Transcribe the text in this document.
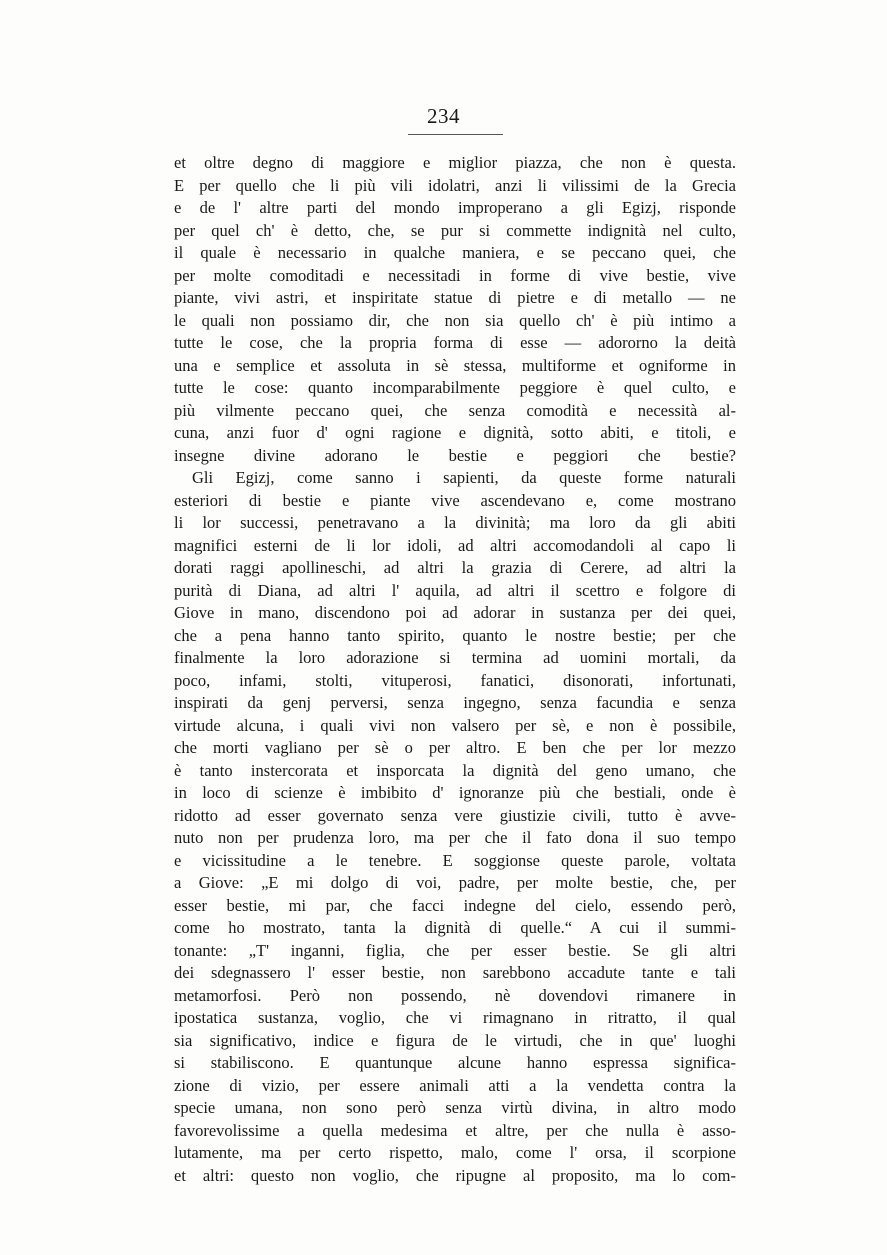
234
et oltre degno di maggiore e miglior piazza, che non è questa.
E per quello che li più vili idolatri, anzi li vilissimi de la Grecia
e de l' altre parti del mondo improperano a gli Egizj, risponde
per quel ch' è detto, che, se pur si commette indignità nel culto,
il quale è necessario in qualche maniera, e se peccano quei, che
per molte comoditadi e necessitadi in forme di vive bestie, vive
piante, vivi astri, et inspiritate statue di pietre e di metallo — ne
le quali non possiamo dir, che non sia quello ch' è più intimo a
tutte le cose, che la propria forma di esse — adororno la deità
una e semplice et assoluta in sè stessa, multiforme et ogniforme in
tutte le cose: quanto incomparabilmente peggiore è quel culto, e
più vilmente peccano quei, che senza comodità e necessità al-
cuna, anzi fuor d' ogni ragione e dignità, sotto abiti, e titoli, e
insegne divine adorano le bestie e peggiori che bestie?
Gli Egizj, come sanno i sapienti, da queste forme naturali
esteriori di bestie e piante vive ascendevano e, come mostrano
li lor successi, penetravano a la divinità; ma loro da gli abiti
magnifici esterni de li lor idoli, ad altri accomodandoli al capo li
dorati raggi apollineschi, ad altri la grazia di Cerere, ad altri la
purità di Diana, ad altri l' aquila, ad altri il scettro e folgore di
Giove in mano, discendono poi ad adorar in sustanza per dei quei,
che a pena hanno tanto spirito, quanto le nostre bestie; per che
finalmente la loro adorazione si termina ad uomini mortali, da
poco, infami, stolti, vituperosi, fanatici, disonorati, infortunati,
inspirati da genj perversi, senza ingegno, senza facundia e senza
virtude alcuna, i quali vivi non valsero per sè, e non è possibile,
che morti vagliano per sè o per altro. E ben che per lor mezzo
è tanto instercorata et insporcata la dignità del geno umano, che
in loco di scienze è imbibito d' ignoranze più che bestiali, onde è
ridotto ad esser governato senza vere giustizie civili, tutto è avve-
nuto non per prudenza loro, ma per che il fato dona il suo tempo
e vicissitudine a le tenebre. E soggionse queste parole, voltata
a Giove: „E mi dolgo di voi, padre, per molte bestie, che, per
esser bestie, mi par, che facci indegne del cielo, essendo però,
come ho mostrato, tanta la dignità di quelle.“ A cui il summi-
tonante: „T' inganni, figlia, che per esser bestie. Se gli altri
dei sdegnassero l' esser bestie, non sarebbono accadute tante e tali
metamorfosi. Però non possendo, nè dovendovi rimanere in
ipostatica sustanza, voglio, che vi rimagnano in ritratto, il qual
sia significativo, indice e figura de le virtudi, che in que' luoghi
si stabiliscono. E quantunque alcune hanno espressa significa-
zione di vizio, per essere animali atti a la vendetta contra la
specie umana, non sono però senza virtù divina, in altro modo
favorevolissime a quella medesima et altre, per che nulla è asso-
lutamente, ma per certo rispetto, malo, come l' orsa, il scorpione
et altri: questo non voglio, che ripugne al proposito, ma lo com-
